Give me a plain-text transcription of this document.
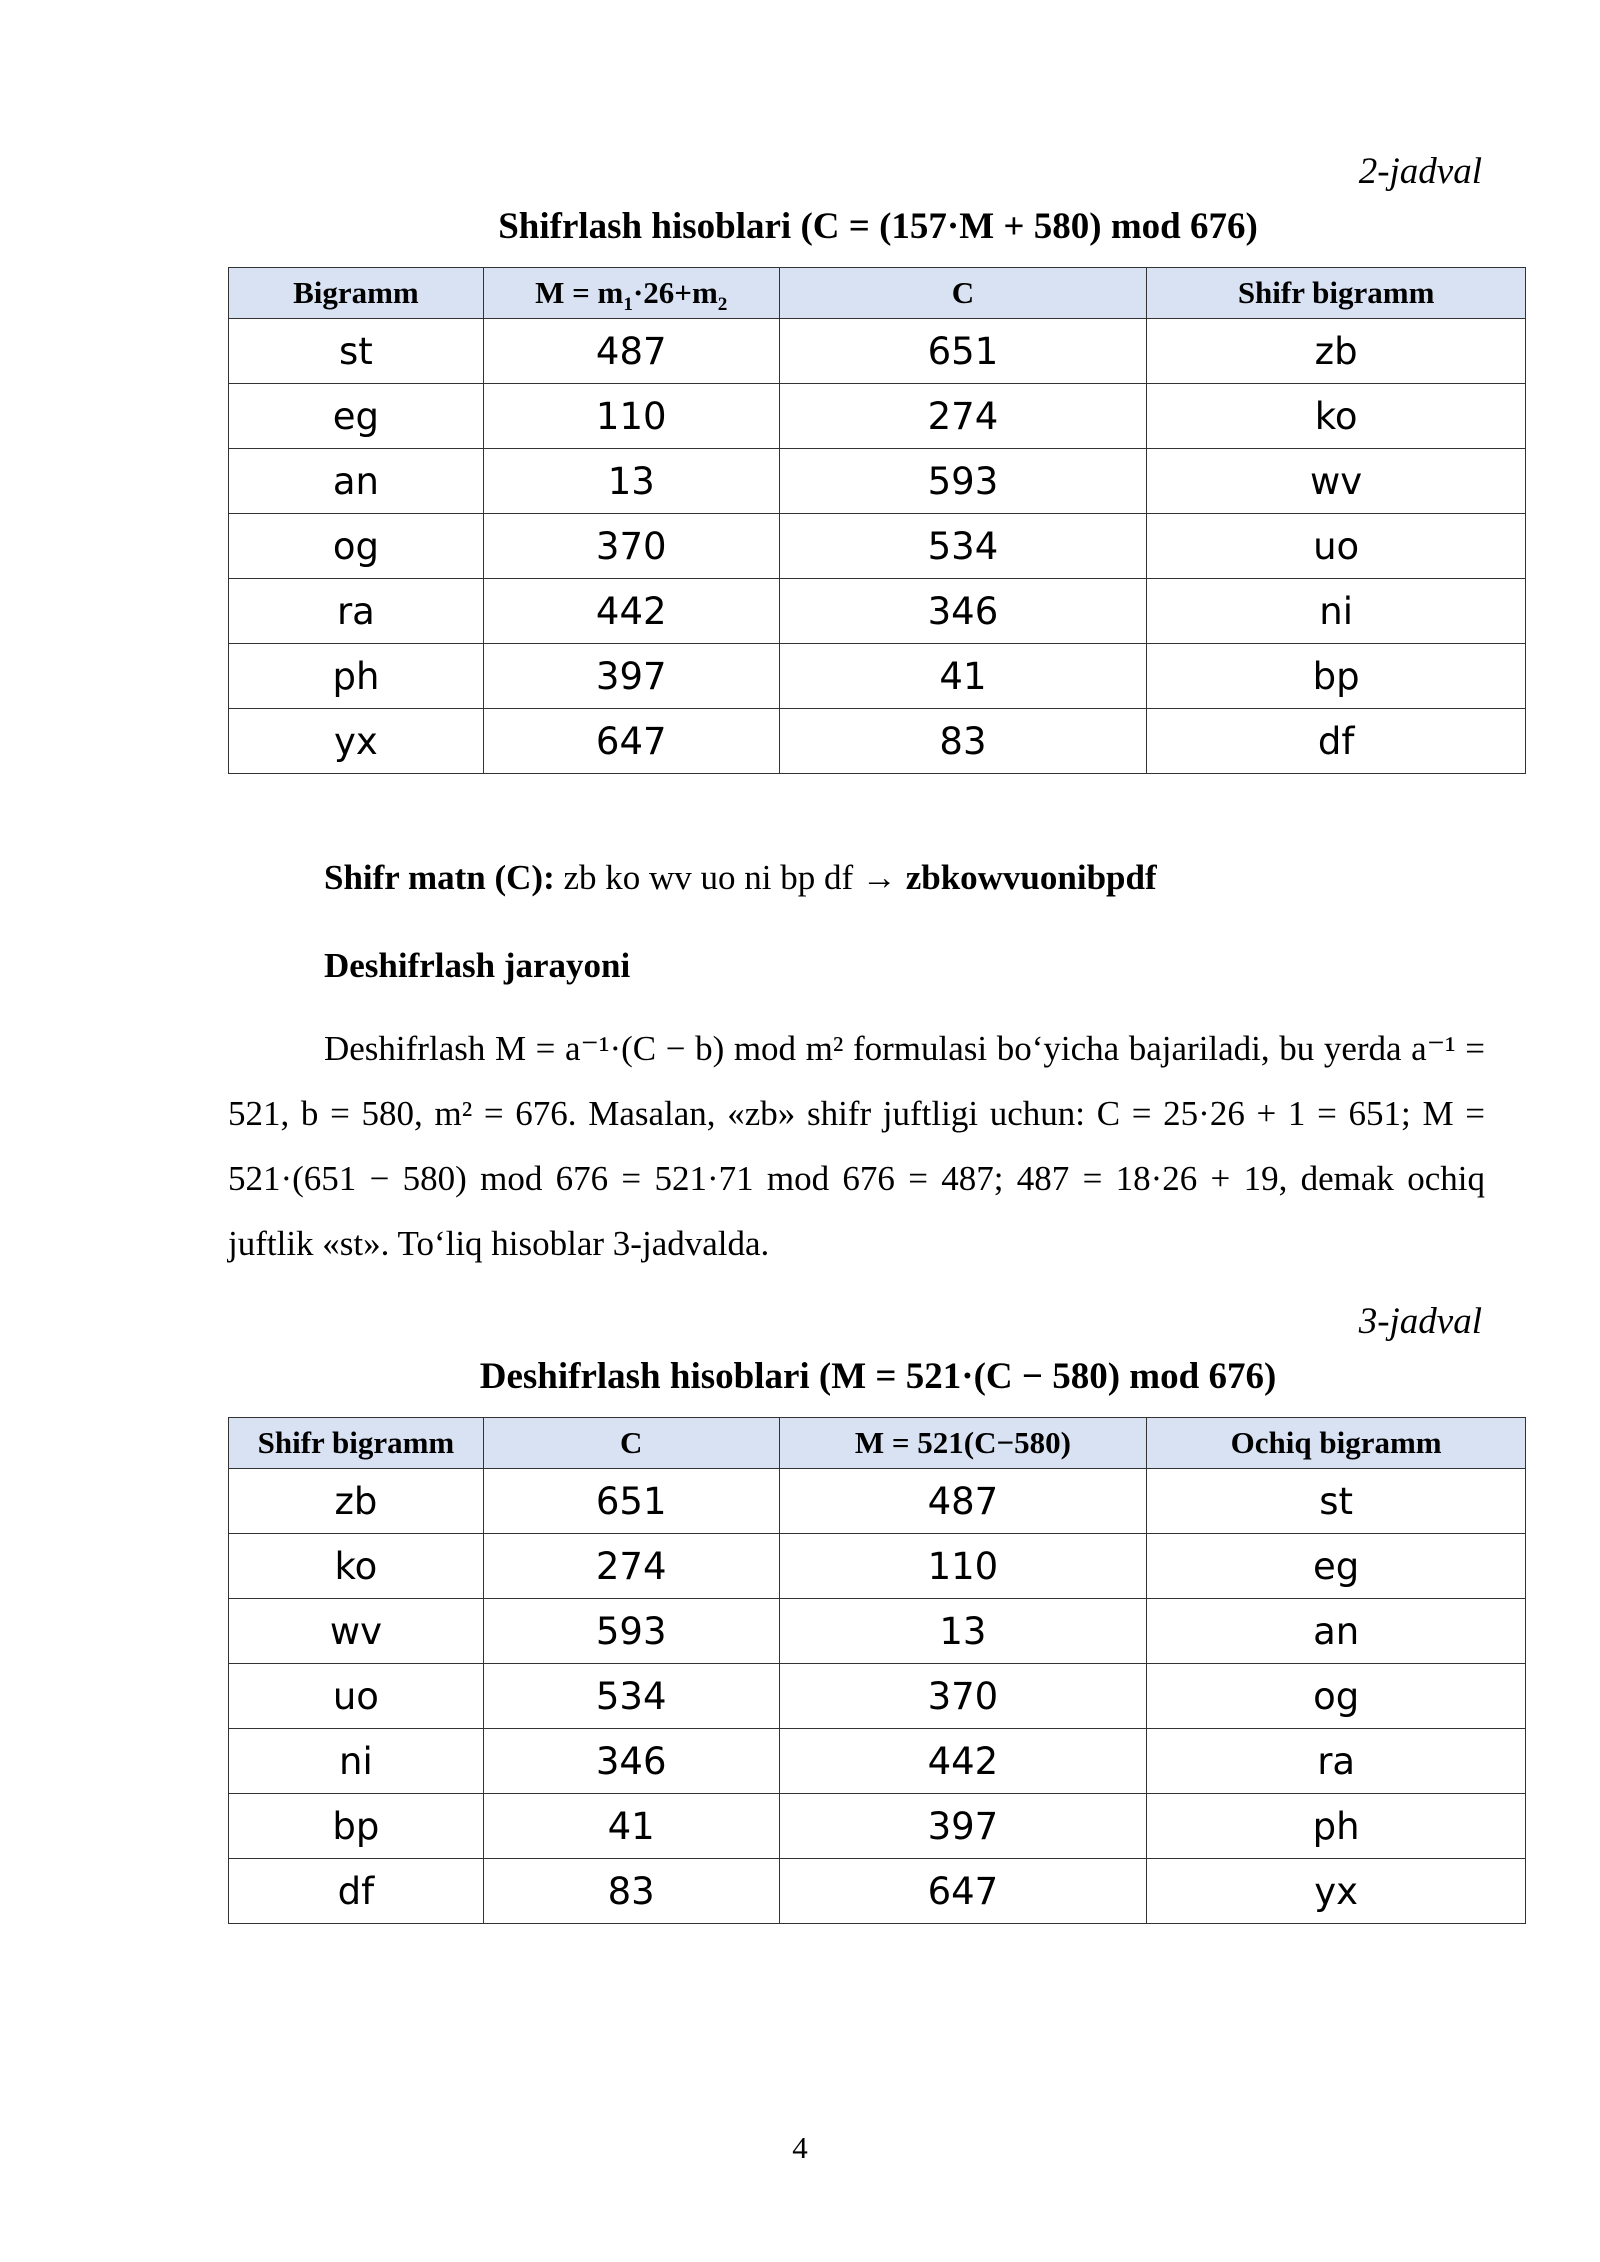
2-jadval
Shifrlash hisoblari (C = (157·M + 580) mod 676)
Bigramm	$M = m_1\cdot 26+m_2$	C	Shifr bigramm
st	487	651	zb
eg	110	274	ko
an	13	593	wv
og	370	534	uo
ra	442	346	ni
ph	397	41	bp
yx	647	83	df
Shifr matn (C): zb ko wv uo ni bp df → zbkowvuonibpdf
Deshifrlash jarayoni
Deshifrlash M = a⁻¹·(C − b) mod m² formulasi bo‘yicha bajariladi, bu yerda a⁻¹ = 521, b = 580, m² = 676. Masalan, «zb» shifr juftligi uchun: C = 25·26 + 1 = 651; M = 521·(651 − 580) mod 676 = 521·71 mod 676 = 487; 487 = 18·26 + 19, demak ochiq juftlik «st». To‘liq hisoblar 3-jadvalda.
3-jadval
Deshifrlash hisoblari (M = 521·(C − 580) mod 676)
Shifr bigramm	C	M = 521(C−580)	Ochiq bigramm
zb	651	487	st
ko	274	110	eg
wv	593	13	an
uo	534	370	og
ni	346	442	ra
bp	41	397	ph
df	83	647	yx
4
